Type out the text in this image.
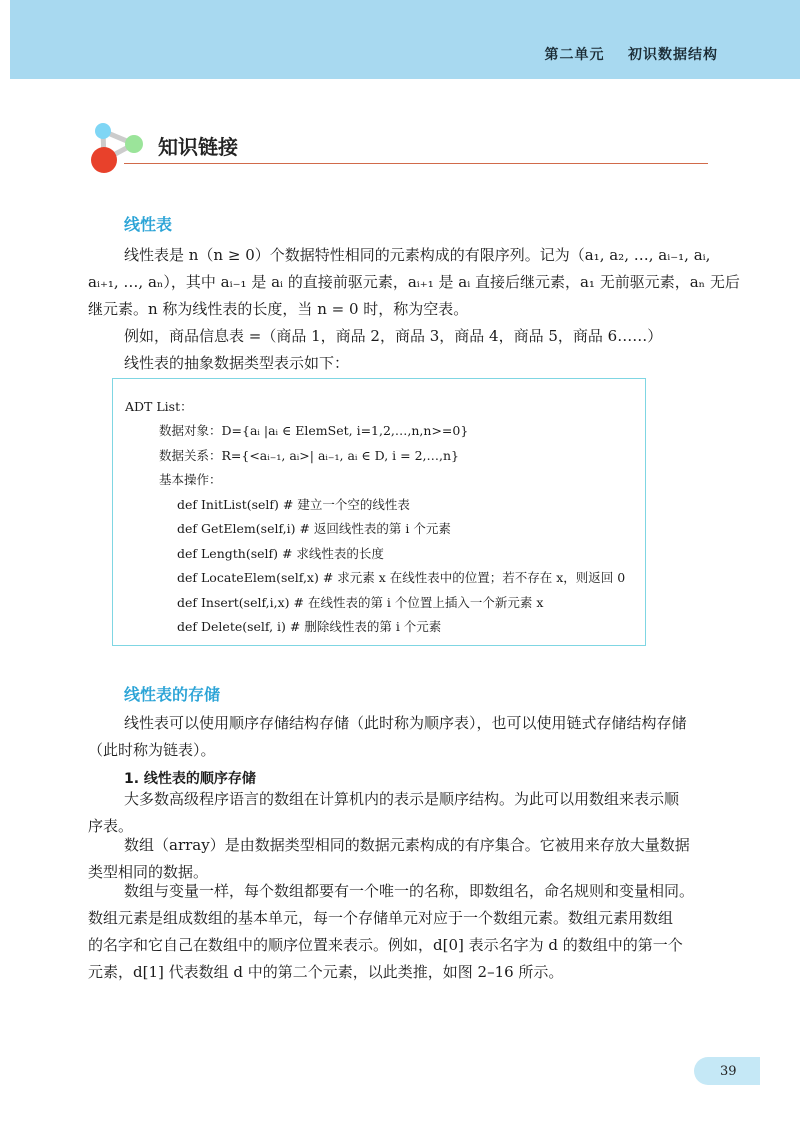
第二单元    初识数据结构
知识链接
线性表
线性表是 n（n ≥ 0）个数据特性相同的元素构成的有限序列。记为（a₁, a₂, …, aᵢ₋₁, aᵢ,
aᵢ₊₁, …, aₙ），其中 aᵢ₋₁ 是 aᵢ 的直接前驱元素，aᵢ₊₁ 是 aᵢ 直接后继元素，a₁ 无前驱元素，aₙ 无后
继元素。n 称为线性表的长度，当 n = 0 时，称为空表。
例如，商品信息表 =（商品 1，商品 2，商品 3，商品 4，商品 5，商品 6……）
线性表的抽象数据类型表示如下：
ADT List：
数据对象：D={aᵢ |aᵢ ∈ ElemSet, i=1,2,…,n,n>=0}
数据关系：R={<aᵢ₋₁, aᵢ>| aᵢ₋₁, aᵢ ∈ D, i = 2,…,n}
基本操作：
def InitList(self) # 建立一个空的线性表
def GetElem(self,i) # 返回线性表的第 i 个元素
def Length(self) # 求线性表的长度
def LocateElem(self,x) # 求元素 x 在线性表中的位置；若不存在 x，则返回 0
def Insert(self,i,x) # 在线性表的第 i 个位置上插入一个新元素 x
def Delete(self, i) # 删除线性表的第 i 个元素
线性表的存储
线性表可以使用顺序存储结构存储（此时称为顺序表），也可以使用链式存储结构存储
（此时称为链表）。
1. 线性表的顺序存储
大多数高级程序语言的数组在计算机内的表示是顺序结构。为此可以用数组来表示顺
序表。
数组（array）是由数据类型相同的数据元素构成的有序集合。它被用来存放大量数据
类型相同的数据。
数组与变量一样，每个数组都要有一个唯一的名称，即数组名，命名规则和变量相同。
数组元素是组成数组的基本单元，每一个存储单元对应于一个数组元素。数组元素用数组
的名字和它自己在数组中的顺序位置来表示。例如，d[0] 表示名字为 d 的数组中的第一个
元素，d[1] 代表数组 d 中的第二个元素，以此类推，如图 2–16 所示。
39
